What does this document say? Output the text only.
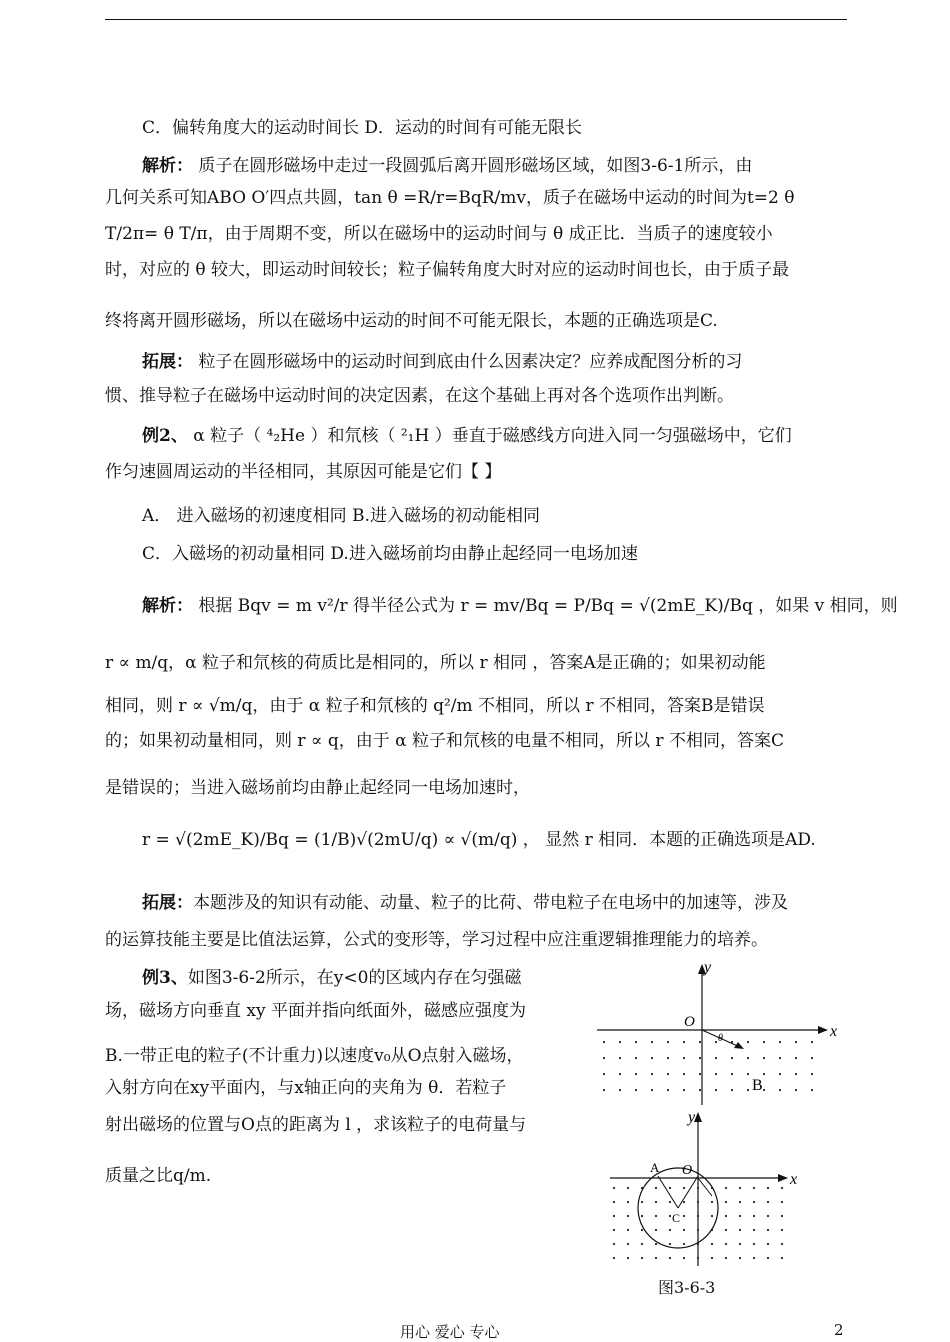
C．偏转角度大的运动时间长 D．运动的时间有可能无限长
解析： 质子在圆形磁场中走过一段圆弧后离开圆形磁场区域，如图3-6-1所示，由
几何关系可知ABO O′四点共圆，tan θ =R/r=BqR/mv，质子在磁场中运动的时间为t=2 θ
T/2π= θ T/π，由于周期不变，所以在磁场中的运动时间与 θ 成正比．当质子的速度较小
时，对应的 θ 较大，即运动时间较长；粒子偏转角度大时对应的运动时间也长，由于质子最
终将离开圆形磁场，所以在磁场中运动的时间不可能无限长，本题的正确选项是C.
拓展： 粒子在圆形磁场中的运动时间到底由什么因素决定？应养成配图分析的习
惯、推导粒子在磁场中运动时间的决定因素，在这个基础上再对各个选项作出判断。
例2、 α 粒子（ ⁴₂He ）和氘核（ ²₁H ）垂直于磁感线方向进入同一匀强磁场中，它们
作匀速圆周运动的半径相同，其原因可能是它们【 】
A． 进入磁场的初速度相同 B.进入磁场的初动能相同
C．入磁场的初动量相同 D.进入磁场前均由静止起经同一电场加速
解析： 根据 Bqv = m v²/r 得半径公式为 r = mv/Bq = P/Bq = √(2mE_K)/Bq ，如果 v 相同，则
r ∝ m/q，α 粒子和氘核的荷质比是相同的，所以 r 相同 ，答案A是正确的；如果初动能
相同，则 r ∝ √m/q，由于 α 粒子和氘核的 q²/m 不相同，所以 r 不相同，答案B是错误
的；如果初动量相同，则 r ∝ q，由于 α 粒子和氘核的电量不相同，所以 r 不相同，答案C
是错误的；当进入磁场前均由静止起经同一电场加速时，
r = √(2mE_K)/Bq = (1/B)√(2mU/q) ∝ √(m/q) ， 显然 r 相同．本题的正确选项是AD.
拓展：本题涉及的知识有动能、动量、粒子的比荷、带电粒子在电场中的加速等，涉及
的运算技能主要是比值法运算，公式的变形等，学习过程中应注重逻辑推理能力的培养。
例3、如图3-6-2所示，在y<0的区域内存在匀强磁
场，磁场方向垂直 xy 平面并指向纸面外，磁感应强度为
B.一带正电的粒子(不计重力)以速度v₀从O点射入磁场，
入射方向在xy平面内，与x轴正向的夹角为 θ．若粒子
射出磁场的位置与O点的距离为 l ，求该粒子的电荷量与
质量之比q/m.
y
x
O
θ
B
y
x
O
A
C
图3-6-3
用心 爱心 专心	2
